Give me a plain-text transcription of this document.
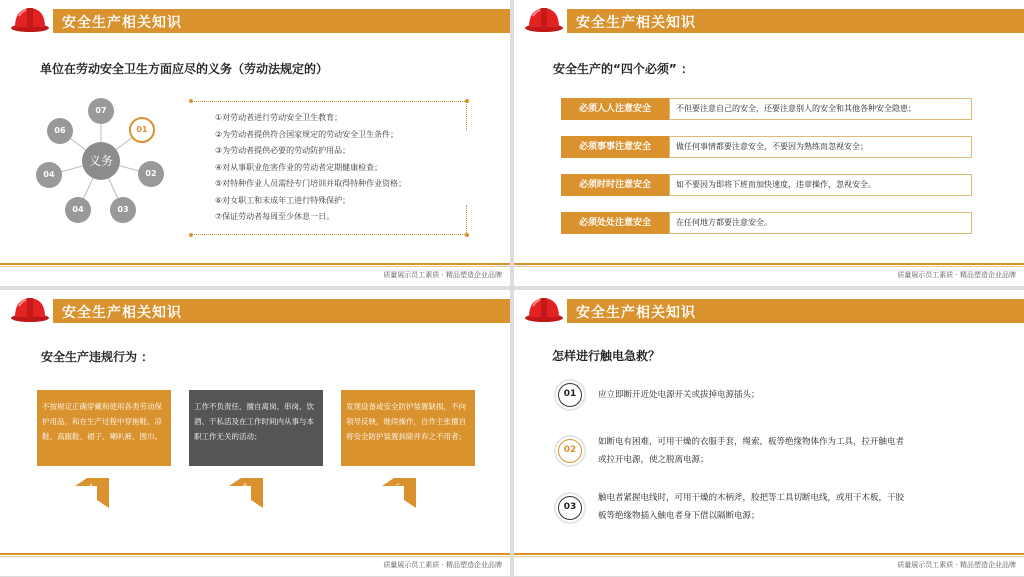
安全生产相关知识
单位在劳动安全卫生方面应尽的义务（劳动法规定的）
07
01
02
03
04
04
06
义务
①对劳动者进行劳动安全卫生教育；
②为劳动者提供符合国家规定的劳动安全卫生条件；
③为劳动者提供必要的劳动防护用品；
④对从事职业危害作业的劳动者定期健康检查；
⑤对特种作业人员需经专门培训并取得特种作业资格；
⑥对女职工和未成年工进行特殊保护；
⑦保证劳动者每周至少休息一日。
质量展示员工素质 · 精品塑造企业品牌
安全生产相关知识
安全生产的“四个必须” ：
必须人人注意安全	不但要注意自己的安全，还要注意别人的安全和其他各种安全隐患；
必须事事注意安全	做任何事情都要注意安全，不要因为熟练而忽视安全；
必须时时注意安全	如不要因为即将下班而加快速度，违章操作，忽视安全。
必须处处注意安全	在任何地方都要注意安全。
质量展示员工素质 · 精品塑造企业品牌
安全生产相关知识
安全生产违规行为 ：
不按规定正确穿戴和使用各类劳动保护用品，和在生产过程中穿拖鞋、凉鞋、高跟鞋、裙子、喇叭裤、围巾。
工作不负责任、擅自离岗、串岗、饮酒、干私活及在工作时间内从事与本职工作无关的活动；
发现设备或安全防护装置缺损，不向领导反映，继续操作，自作主张擅自将安全防护装置拆除并弃之不用者；
A	B	C
质量展示员工素质 · 精品塑造企业品牌
安全生产相关知识
怎样进行触电急救？
01	应立即断开近处电源开关或拔掉电源插头；
02
如断电有困难，可用干燥的衣服手套，绳索，板等绝缘物体作为工具，拉开触电者
或拉开电源，使之脱离电源；
03
触电者紧握电线时，可用干燥的木柄斧，胶把等工具切断电线，或用干木板，干胶
板等绝缘物插入触电者身下借以隔断电源；
质量展示员工素质 · 精品塑造企业品牌
